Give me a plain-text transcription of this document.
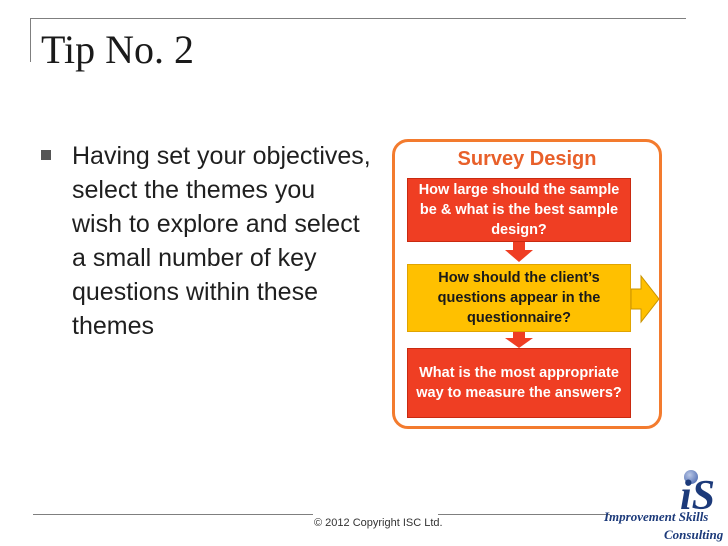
Tip No. 2
Having set your objectives, select the themes you wish to explore and select a small number of key questions within these themes
Survey Design
How large should the sample be & what is the best sample design?
How should the client’s questions appear in the questionnaire?
What is the most appropriate way to measure the answers?
© 2012 Copyright ISC Ltd.
iS
Improvement Skills
Consulting
